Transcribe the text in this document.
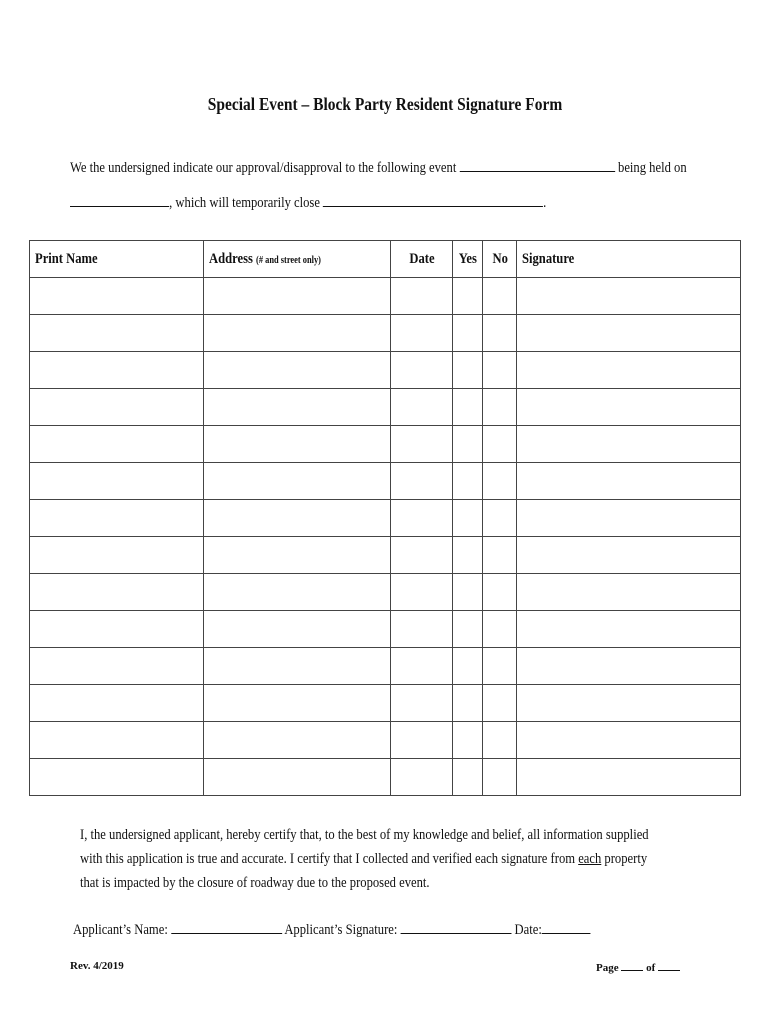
Special Event – Block Party Resident Signature Form
We the undersigned indicate our approval/disapproval to the following event	being held on
, which will temporarily close	.
Print Name	Address (# and street only)	Date	Yes	No	Signature

I, the undersigned applicant, hereby certify that, to the best of my knowledge and belief, all information supplied with this application is true and accurate. I certify that I collected and verified each signature from each property that is impacted by the closure of roadway due to the proposed event.
Applicant’s Name:	Applicant’s Signature:	Date:
Rev. 4/2019	Page	of
